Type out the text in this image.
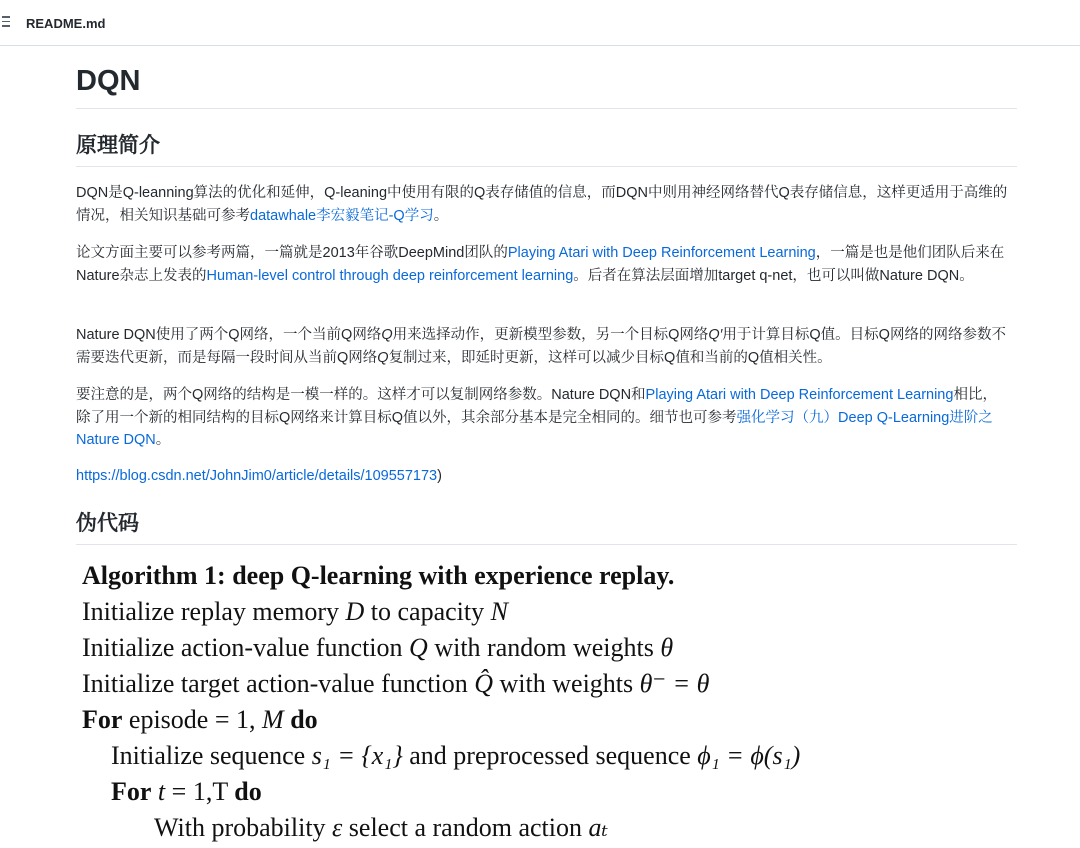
README.md
DQN
原理简介

DQN是Q-leanning算法的优化和延伸，Q-leaning中使用有限的Q表存储值的信息，而DQN中则用神经网络替代Q表存储信息，这样更适用于高维的情况，相关知识基础可参考datawhale李宏毅笔记-Q学习。

论文方面主要可以参考两篇，一篇就是2013年谷歌DeepMind团队的Playing Atari with Deep Reinforcement Learning，一篇是也是他们团队后来在Nature杂志上发表的Human-level control through deep reinforcement learning。后者在算法层面增加target q-net，也可以叫做Nature DQN。

Nature DQN使用了两个Q网络，一个当前Q网络Q用来选择动作，更新模型参数，另一个目标Q网络Q′用于计算目标Q值。目标Q网络的网络参数不需要迭代更新，而是每隔一段时间从当前Q网络Q复制过来，即延时更新，这样可以减少目标Q值和当前的Q值相关性。

要注意的是，两个Q网络的结构是一模一样的。这样才可以复制网络参数。Nature DQN和Playing Atari with Deep Reinforcement Learning相比，除了用一个新的相同结构的目标Q网络来计算目标Q值以外，其余部分基本是完全相同的。细节也可参考强化学习（九）Deep Q-Learning进阶之Nature DQN。

https://blog.csdn.net/JohnJim0/article/details/109557173)

伪代码
Algorithm 1: deep Q-learning with experience replay.
Initialize replay memory D to capacity N
Initialize action-value function Q with random weights θ
Initialize target action-value function Q̂ with weights θ⁻ = θ
For episode = 1, M do
Initialize sequence s₁ = {x₁} and preprocessed sequence ϕ₁ = ϕ(s₁)
For t = 1,T do
With probability ε select a random action aₜ
